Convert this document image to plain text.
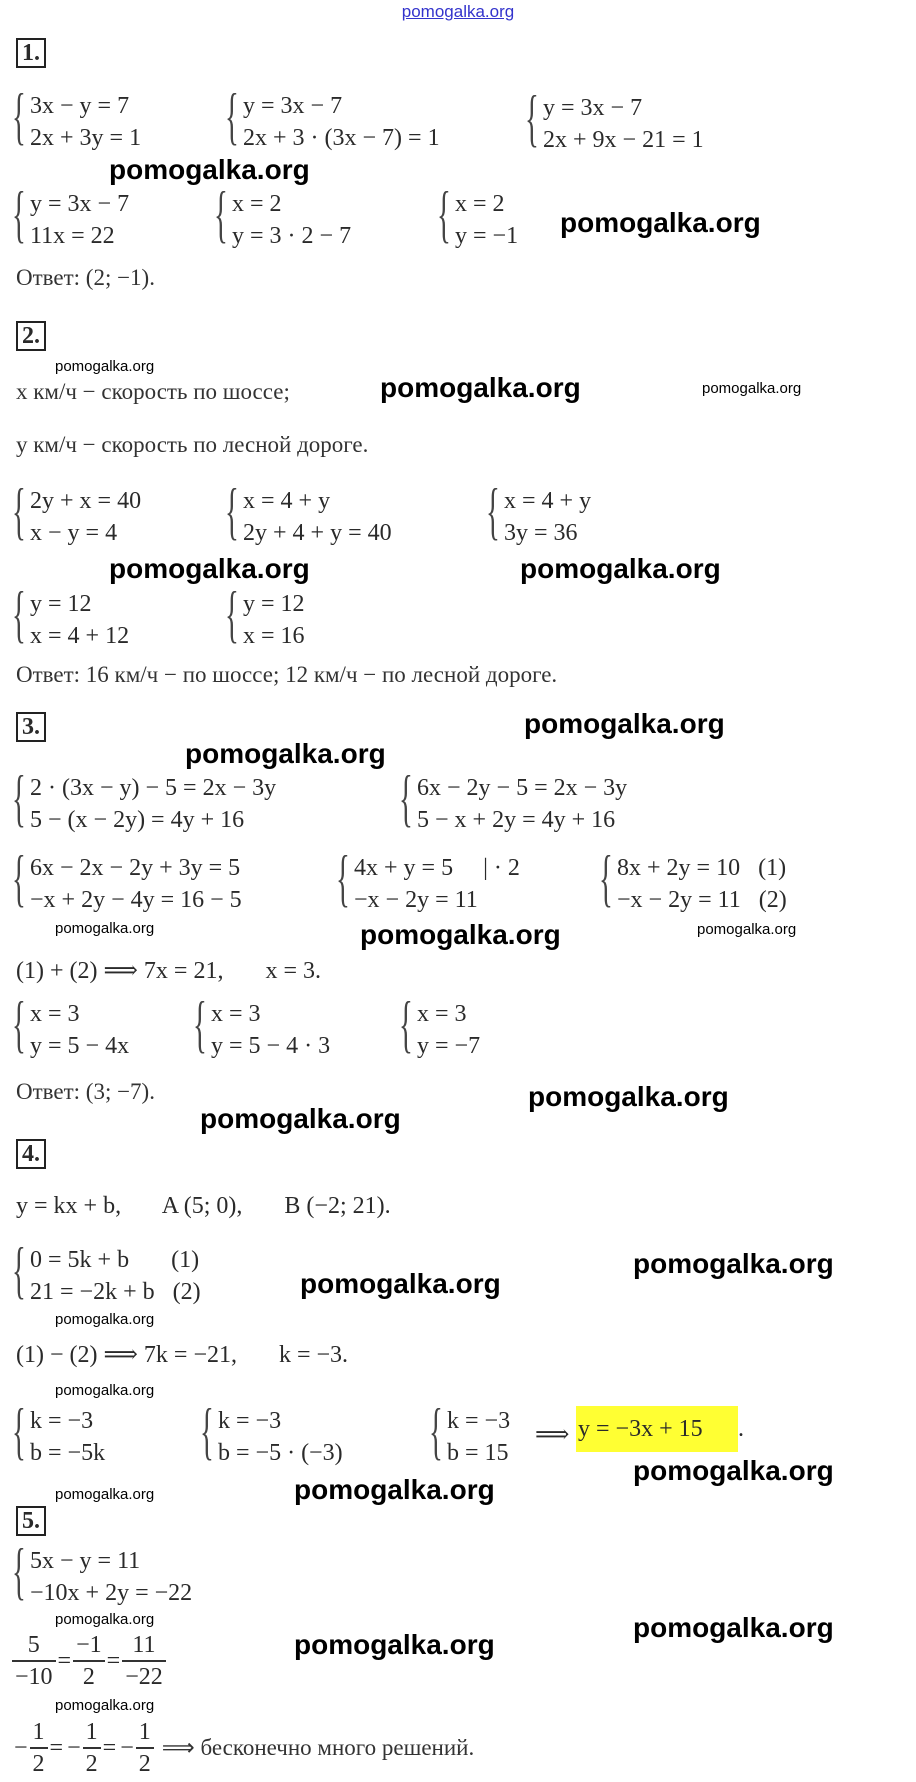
pomogalka.org
1.
{ 3x − y = 7
2x + 3y = 1 { y = 3x − 7
2x + 3 · (3x − 7) = 1 { y = 3x − 7
2x + 9x − 21 = 1
{ y = 3x − 7
11x = 22 { x = 2
y = 3 · 2 − 7 { x = 2
y = −1
Ответ: (2; −1).
2.
x км/ч − скорость по шоссе;
y км/ч − скорость по лесной дороге.
{ 2y + x = 40
x − y = 4	{ x = 4 + y
2y + 4 + y = 40 { x = 4 + y
3y = 36
{ y = 12
x = 4 + 12 { y = 12
x = 16
Ответ: 16 км/ч − по шоссе; 12 км/ч − по лесной дороге.
3.
{ 2 · (3x − y) − 5 = 2x − 3y
5 − (x − 2y) = 4y + 16	{ 6x − 2y − 5 = 2x − 3y
5 − x + 2y = 4y + 16
{ 6x − 2x − 2y + 3y = 5
−x + 2y − 4y = 16 − 5 { 4x + y = 5     | · 2
−x − 2y = 11	{ 8x + 2y = 10   (1)
−x − 2y = 11   (2)
(1) + (2) ⟹ 7x = 21,       x = 3.
{ x = 3
y = 5 − 4x { x = 3
y = 5 − 4 · 3 { x = 3
y = −7
Ответ: (3; −7).
4.
y = kx + b,       A (5; 0),       B (−2; 21).
{ 0 = 5k + b       (1)
21 = −2k + b   (2)
(1) − (2) ⟹ 7k = −21,       k = −3.
{ k = −3
b = −5k { k = −3
b = −5 · (−3) { k = −3
b = 15
⟹ y = −3x + 15 .
5.
{ 5x − y = 11
−10x + 2y = −22
$\frac{5}{-10} = \frac{-1}{2} = \frac{11}{-22}$
− $\frac{1}{2}$ = − $\frac{1}{2}$ = − $\frac{1}{2}$ ⟹ бесконечно много решений.
pomogalka.org
pomogalka.org
pomogalka.org
pomogalka.org	pomogalka.org
pomogalka.org	pomogalka.org
pomogalka.org
pomogalka.org
pomogalka.org	pomogalka.org	pomogalka.org
pomogalka.org
pomogalka.org
pomogalka.org
pomogalka.org
pomogalka.org
pomogalka.org
pomogalka.org
pomogalka.org
pomogalka.org
pomogalka.org	pomogalka.org
pomogalka.org
pomogalka.org
